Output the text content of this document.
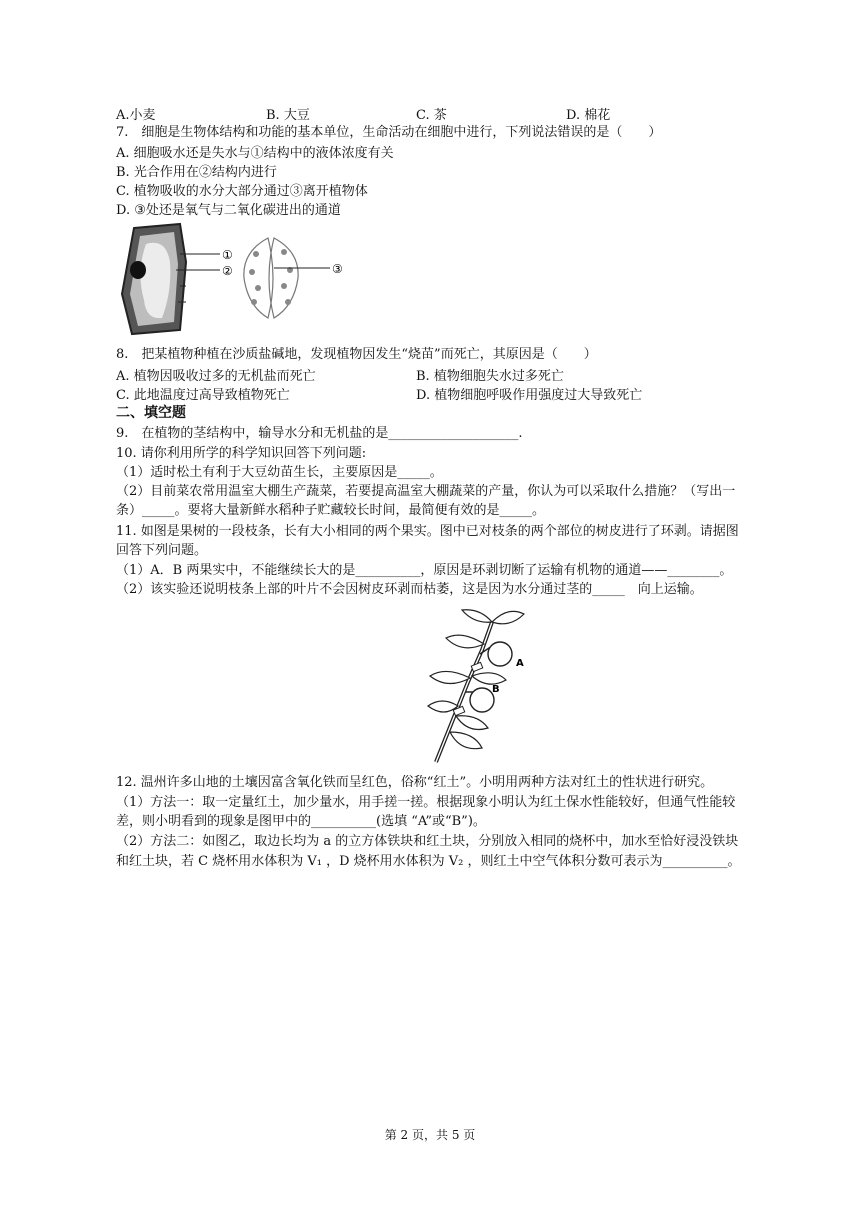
A.小麦	B. 大豆	C. 茶	D. 棉花
7.　细胞是生物体结构和功能的基本单位，生命活动在细胞中进行，下列说法错误的是（　　）
A. 细胞吸水还是失水与①结构中的液体浓度有关
B. 光合作用在②结构内进行
C. 植物吸收的水分大部分通过③离开植物体
D. ③处还是氧气与二氧化碳进出的通道
①
②	③
8.　把某植物种植在沙质盐碱地，发现植物因发生“烧苗”而死亡，其原因是（　　）
A. 植物因吸收过多的无机盐而死亡	B. 植物细胞失水过多死亡
C. 此地温度过高导致植物死亡	D. 植物细胞呼吸作用强度过大导致死亡
二、填空题
9.　在植物的茎结构中，输导水分和无机盐的是____________________.
10. 请你利用所学的科学知识回答下列问题:
（1）适时松土有利于大豆幼苗生长，主要原因是_____。
（2）目前菜农常用温室大棚生产蔬菜，若要提高温室大棚蔬菜的产量，你认为可以采取什么措施？（写出一
条）_____。要将大量新鲜水稻种子贮藏较长时间，最简便有效的是_____。
11. 如图是果树的一段枝条，长有大小相同的两个果实。图中已对枝条的两个部位的树皮进行了环剥。请据图
回答下列问题。
（1）A．B 两果实中，不能继续长大的是__________，原因是环剥切断了运输有机物的通道——________。
（2）该实验还说明枝条上部的叶片不会因树皮环剥而枯萎，这是因为水分通过茎的_____　向上运输。
A
B
12. 温州许多山地的土壤因富含氧化铁而呈红色，俗称“红土”。小明用两种方法对红土的性状进行研究。
（1）方法一：取一定量红土，加少量水，用手搓一搓。根据现象小明认为红土保水性能较好，但通气性能较
差，则小明看到的现象是图甲中的__________(选填 “A”或“B”)。
（2）方法二：如图乙，取边长均为 a 的立方体铁块和红土块，分别放入相同的烧杯中，加水至恰好浸没铁块
和红土块，若 C 烧杯用水体积为 V₁ ，D 烧杯用水体积为 V₂ ，则红土中空气体积分数可表示为__________。
第 2 页，共 5 页
